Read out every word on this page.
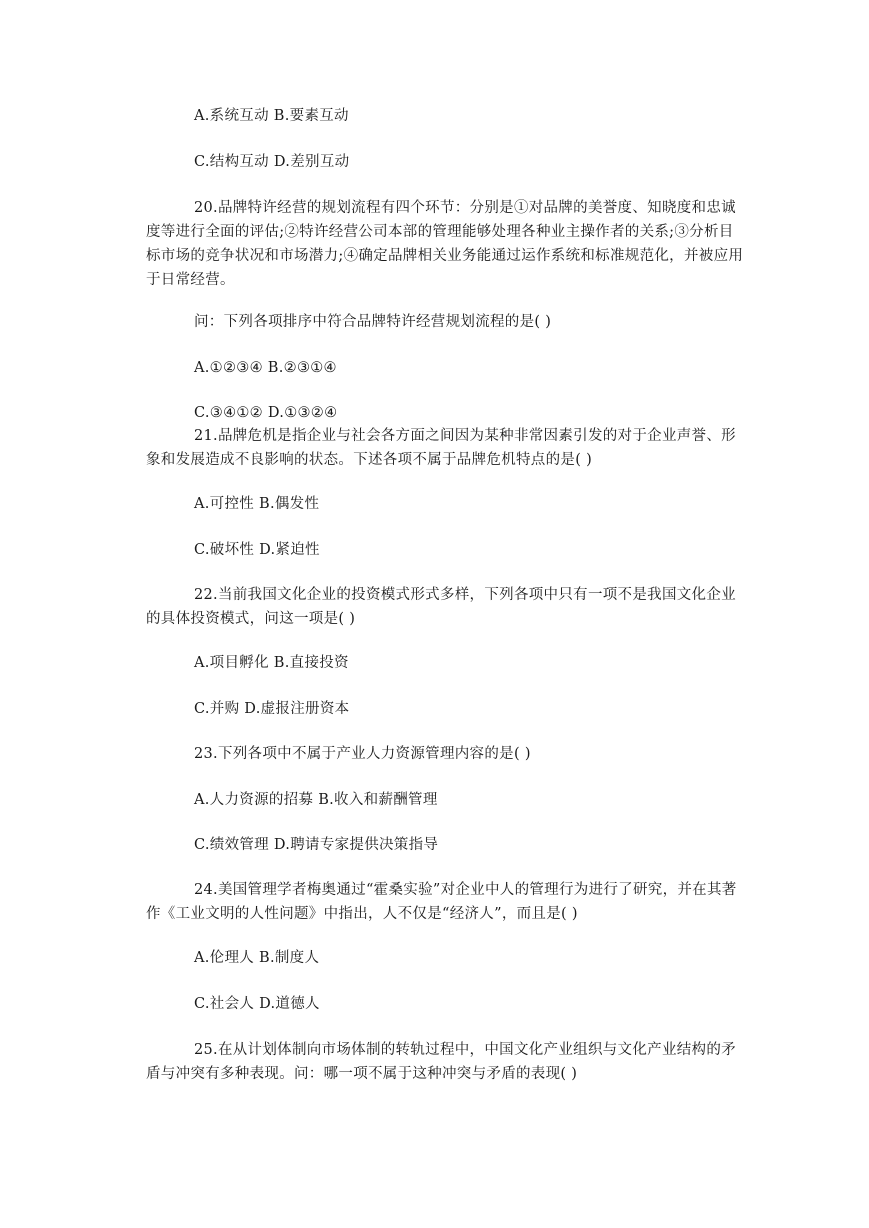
A.系统互动 B.要素互动
C.结构互动 D.差别互动
20.品牌特许经营的规划流程有四个环节：分别是①对品牌的美誉度、知晓度和忠诚度等进行全面的评估;②特许经营公司本部的管理能够处理各种业主操作者的关系;③分析目标市场的竞争状况和市场潜力;④确定品牌相关业务能通过运作系统和标准规范化，并被应用于日常经营。
问：下列各项排序中符合品牌特许经营规划流程的是( )
A.①②③④ B.②③①④
C.③④①② D.①③②④
21.品牌危机是指企业与社会各方面之间因为某种非常因素引发的对于企业声誉、形象和发展造成不良影响的状态。下述各项不属于品牌危机特点的是( )
A.可控性 B.偶发性
C.破坏性 D.紧迫性
22.当前我国文化企业的投资模式形式多样，下列各项中只有一项不是我国文化企业的具体投资模式，问这一项是( )
A.项目孵化 B.直接投资
C.并购 D.虚报注册资本
23.下列各项中不属于产业人力资源管理内容的是( )
A.人力资源的招募 B.收入和薪酬管理
C.绩效管理 D.聘请专家提供决策指导
24.美国管理学者梅奥通过“霍桑实验”对企业中人的管理行为进行了研究，并在其著作《工业文明的人性问题》中指出，人不仅是“经济人”，而且是( )
A.伦理人 B.制度人
C.社会人 D.道德人
25.在从计划体制向市场体制的转轨过程中，中国文化产业组织与文化产业结构的矛盾与冲突有多种表现。问：哪一项不属于这种冲突与矛盾的表现( )
